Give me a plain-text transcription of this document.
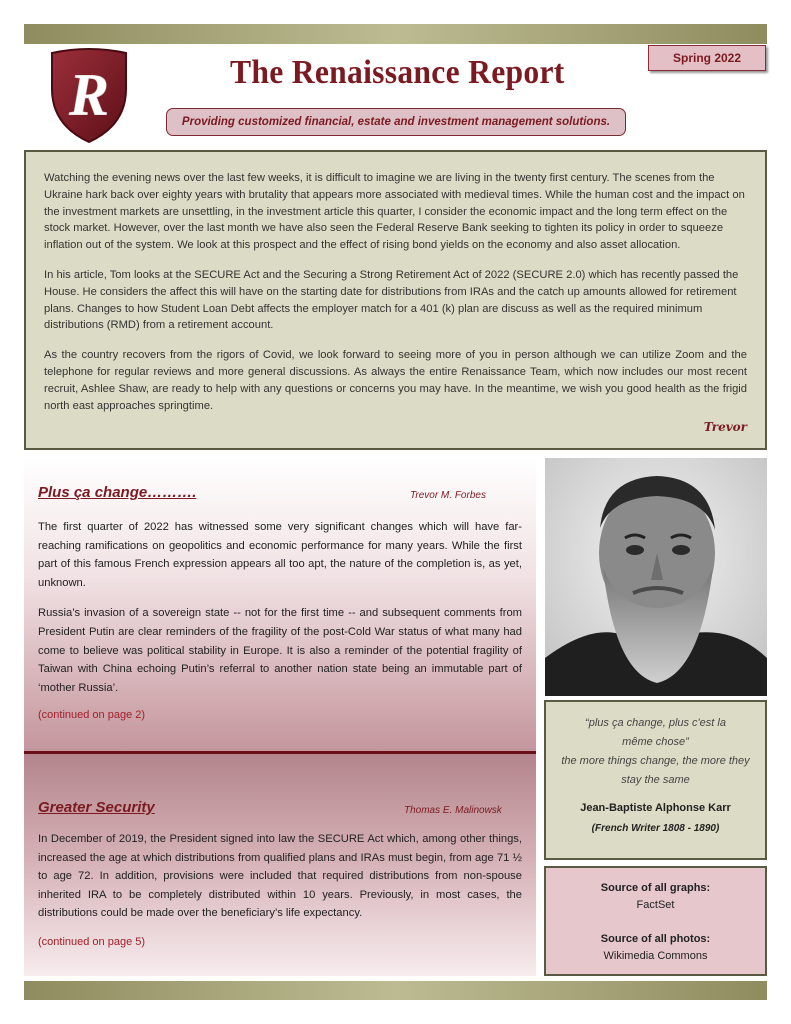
R	The Renaissance Report	Spring 2022
Providing customized financial, estate and investment management solutions.

Watching the evening news over the last few weeks, it is difficult to imagine we are living in the twenty first century. The scenes from the Ukraine hark back over eighty years with brutality that appears more associated with medieval times. While the human cost and the impact on the investment markets are unsettling, in the investment article this quarter, I consider the economic impact and the long term effect on the stock market. However, over the last month we have also seen the Federal Reserve Bank seeking to tighten its policy in order to squeeze inflation out of the system. We look at this prospect and the effect of rising bond yields on the economy and also asset allocation.

In his article, Tom looks at the SECURE Act and the Securing a Strong Retirement Act of 2022 (SECURE 2.0) which has recently passed the House. He considers the affect this will have on the starting date for distributions from IRAs and the catch up amounts allowed for retirement plans. Changes to how Student Loan Debt affects the employer match for a 401 (k) plan are discuss as well as the required minimum distributions (RMD) from a retirement account.

As the country recovers from the rigors of Covid, we look forward to seeing more of you in person although we can utilize Zoom and the telephone for regular reviews and more general discussions. As always the entire Renaissance Team, which now includes our most recent recruit, Ashlee Shaw, are ready to help with any questions or concerns you may have. In the meantime, we wish you good health as the frigid north east approaches springtime.

Trevor
Plus ça change……….	Trevor M. Forbes

The first quarter of 2022 has witnessed some very significant changes which will have far-reaching ramifications on geopolitics and economic performance for many years. While the first part of this famous French expression appears all too apt, the nature of the completion is, as yet, unknown.

Russia’s invasion of a sovereign state -- not for the first time -- and subsequent comments from President Putin are clear reminders of the fragility of the post-Cold War status of what many had come to believe was political stability in Europe. It is also a reminder of the potential fragility of Taiwan with China echoing Putin’s referral to another nation state being an immutable part of ‘mother Russia’.

(continued on page 2)
Greater Security	Thomas E. Malinowsk

In December of 2019, the President signed into law the SECURE Act which, among other things, increased the age at which distributions from qualified plans and IRAs must begin, from age 71 ½ to age 72. In addition, provisions were included that required distributions from non-spouse inherited IRA to be completely distributed within 10 years. Previously, in most cases, the distributions could be made over the beneficiary’s life expectancy.

(continued on page 5)
“plus ça change, plus c'est la
même chose”
the more things change, the more they
stay the same
Jean-Baptiste Alphonse Karr
(French Writer 1808 - 1890)
Source of all graphs:
FactSet
Source of all photos:
Wikimedia Commons
